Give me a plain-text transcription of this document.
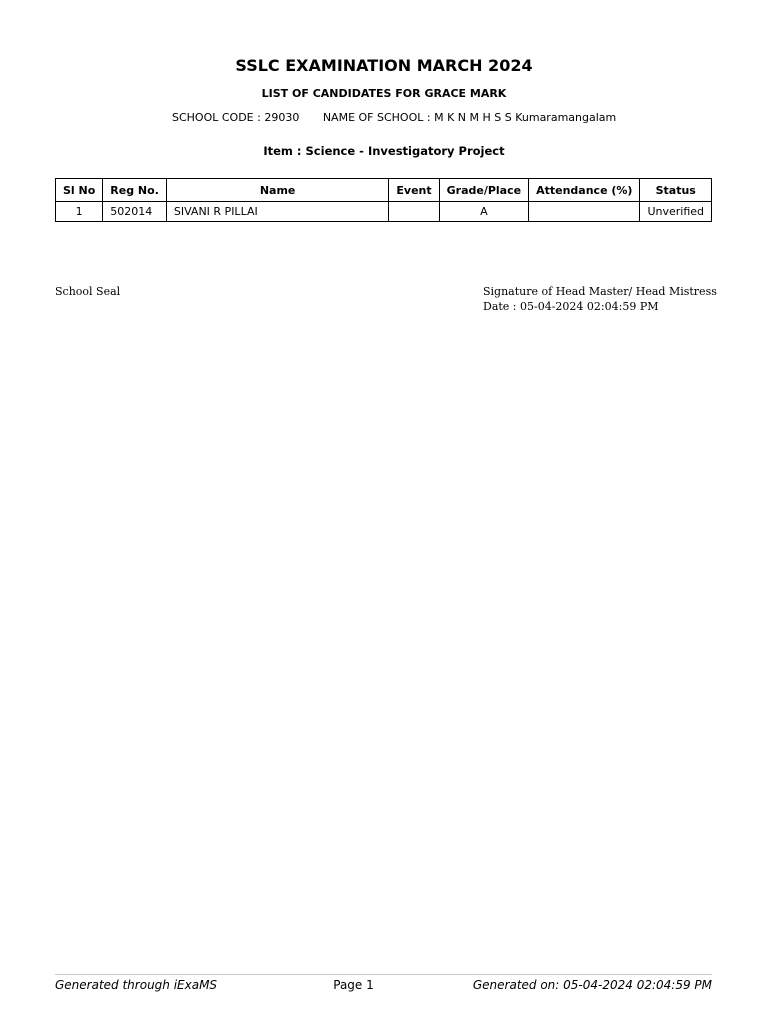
SSLC EXAMINATION MARCH 2024
LIST OF CANDIDATES FOR GRACE MARK
SCHOOL CODE : 29030 NAME OF SCHOOL : M K N M H S S Kumaramangalam
Item : Science - Investigatory Project
Sl No	Reg No.	Name	Event	Grade/Place	Attendance (%)	Status
1	502014	SIVANI R PILLAI		A		Unverified
School Seal	Signature of Head Master/ Head Mistress
Date : 05-04-2024 02:04:59 PM
Generated through iExaMS	Page 1	Generated on: 05-04-2024 02:04:59 PM
